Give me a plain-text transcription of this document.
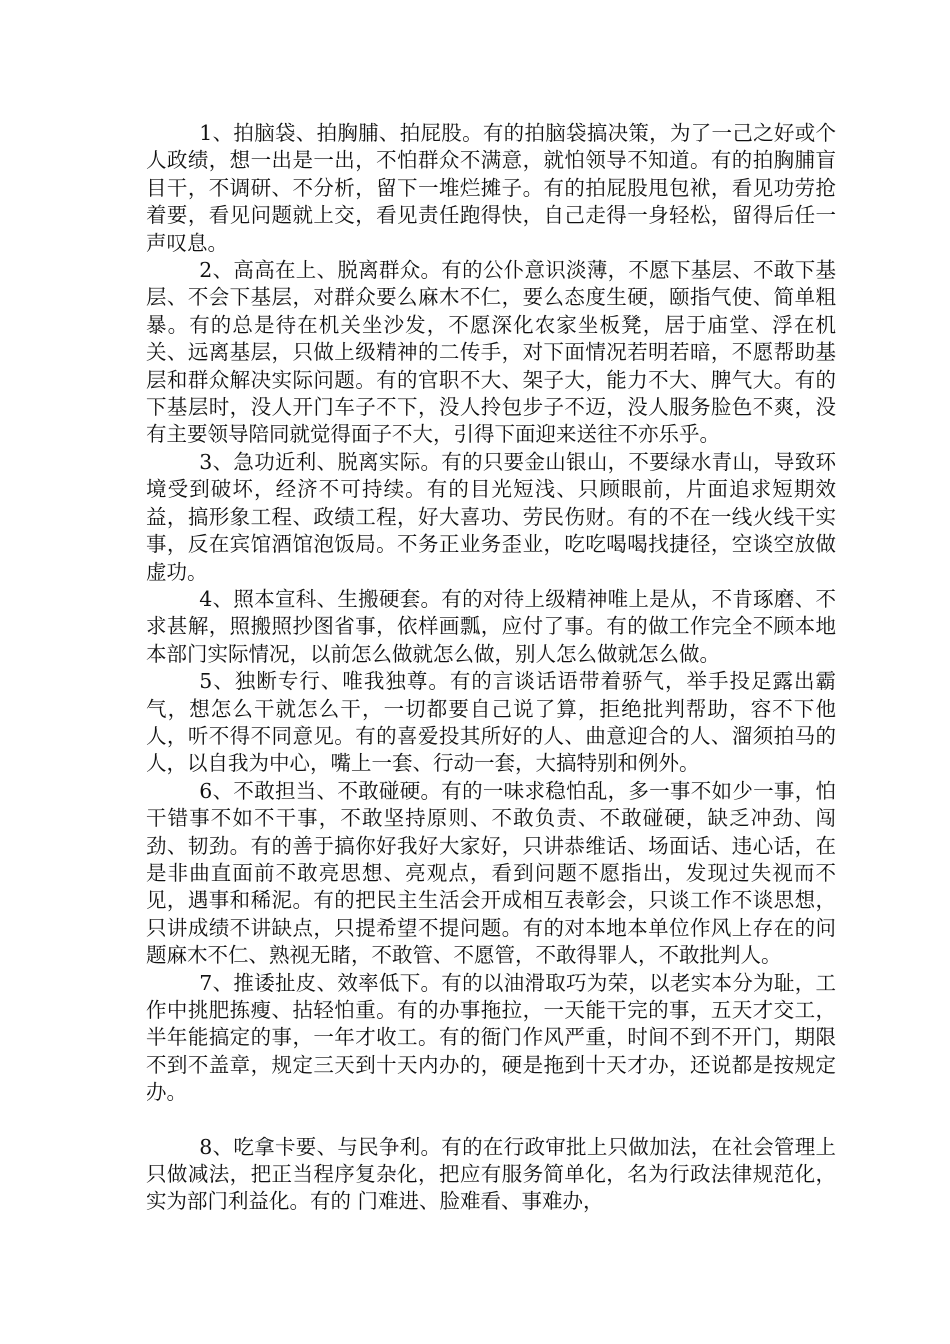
1、拍脑袋、拍胸脯、拍屁股。有的拍脑袋搞决策，为了一己之好或个人政绩，想一出是一出，不怕群众不满意，就怕领导不知道。有的拍胸脯盲目干，不调研、不分析，留下一堆烂摊子。有的拍屁股甩包袱，看见功劳抢着要，看见问题就上交，看见责任跑得快，自己走得一身轻松，留得后任一声叹息。

2、高高在上、脱离群众。有的公仆意识淡薄，不愿下基层、不敢下基层、不会下基层，对群众要么麻木不仁，要么态度生硬，颐指气使、简单粗暴。有的总是待在机关坐沙发，不愿深化农家坐板凳，居于庙堂、浮在机关、远离基层，只做上级精神的二传手，对下面情况若明若暗，不愿帮助基层和群众解决实际问题。有的官职不大、架子大，能力不大、脾气大。有的下基层时，没人开门车子不下，没人拎包步子不迈，没人服务脸色不爽，没有主要领导陪同就觉得面子不大，引得下面迎来送往不亦乐乎。

3、急功近利、脱离实际。有的只要金山银山，不要绿水青山，导致环境受到破坏，经济不可持续。有的目光短浅、只顾眼前，片面追求短期效益，搞形象工程、政绩工程，好大喜功、劳民伤财。有的不在一线火线干实事，反在宾馆酒馆泡饭局。不务正业务歪业，吃吃喝喝找捷径，空谈空放做虚功。

4、照本宣科、生搬硬套。有的对待上级精神唯上是从，不肯琢磨、不求甚解，照搬照抄图省事，依样画瓢，应付了事。有的做工作完全不顾本地本部门实际情况，以前怎么做就怎么做，别人怎么做就怎么做。

5、独断专行、唯我独尊。有的言谈话语带着骄气，举手投足露出霸气，想怎么干就怎么干，一切都要自己说了算，拒绝批判帮助，容不下他人，听不得不同意见。有的喜爱投其所好的人、曲意迎合的人、溜须拍马的人，以自我为中心，嘴上一套、行动一套，大搞特别和例外。

6、不敢担当、不敢碰硬。有的一味求稳怕乱，多一事不如少一事，怕干错事不如不干事，不敢坚持原则、不敢负责、不敢碰硬，缺乏冲劲、闯劲、韧劲。有的善于搞你好我好大家好，只讲恭维话、场面话、违心话，在是非曲直面前不敢亮思想、亮观点，看到问题不愿指出，发现过失视而不见，遇事和稀泥。有的把民主生活会开成相互表彰会，只谈工作不谈思想，只讲成绩不讲缺点，只提希望不提问题。有的对本地本单位作风上存在的问题麻木不仁、熟视无睹，不敢管、不愿管，不敢得罪人，不敢批判人。

7、推诿扯皮、效率低下。有的以油滑取巧为荣，以老实本分为耻，工作中挑肥拣瘦、拈轻怕重。有的办事拖拉，一天能干完的事，五天才交工，半年能搞定的事，一年才收工。有的衙门作风严重，时间不到不开门，期限不到不盖章，规定三天到十天内办的，硬是拖到十天才办，还说都是按规定办。

8、吃拿卡要、与民争利。有的在行政审批上只做加法，在社会管理上只做减法，把正当程序复杂化，把应有服务简单化，名为行政法律规范化，实为部门利益化。有的 门难进、脸难看、事难办，
